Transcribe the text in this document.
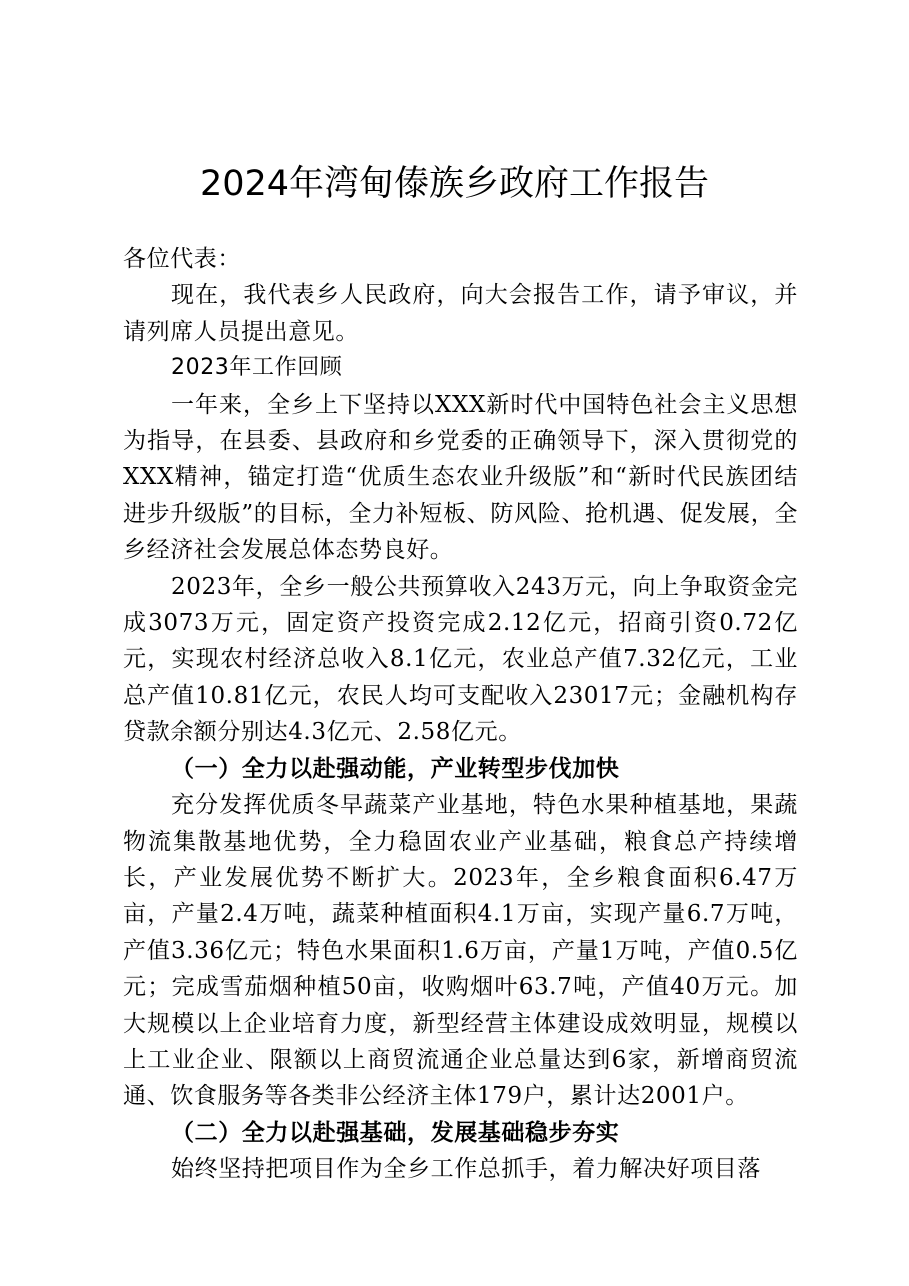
2024年湾甸傣族乡政府工作报告

各位代表：

现在，我代表乡人民政府，向大会报告工作，请予审议，并请列席人员提出意见。

2023年工作回顾

一年来，全乡上下坚持以XXX新时代中国特色社会主义思想为指导，在县委、县政府和乡党委的正确领导下，深入贯彻党的XXX精神，锚定打造“优质生态农业升级版”和“新时代民族团结进步升级版”的目标，全力补短板、防风险、抢机遇、促发展，全乡经济社会发展总体态势良好。

2023年，全乡一般公共预算收入243万元，向上争取资金完成3073万元，固定资产投资完成2.12亿元，招商引资0.72亿元，实现农村经济总收入8.1亿元，农业总产值7.32亿元，工业总产值10.81亿元，农民人均可支配收入23017元；金融机构存贷款余额分别达4.3亿元、2.58亿元。

（一）全力以赴强动能，产业转型步伐加快

充分发挥优质冬早蔬菜产业基地，特色水果种植基地，果蔬物流集散基地优势，全力稳固农业产业基础，粮食总产持续增长，产业发展优势不断扩大。2023年，全乡粮食面积6.47万亩，产量2.4万吨，蔬菜种植面积4.1万亩，实现产量6.7万吨，产值3.36亿元；特色水果面积1.6万亩，产量1万吨，产值0.5亿元；完成雪茄烟种植50亩，收购烟叶63.7吨，产值40万元。加大规模以上企业培育力度，新型经营主体建设成效明显，规模以上工业企业、限额以上商贸流通企业总量达到6家，新增商贸流通、饮食服务等各类非公经济主体179户，累计达2001户。

（二）全力以赴强基础，发展基础稳步夯实

始终坚持把项目作为全乡工作总抓手，着力解决好项目落
